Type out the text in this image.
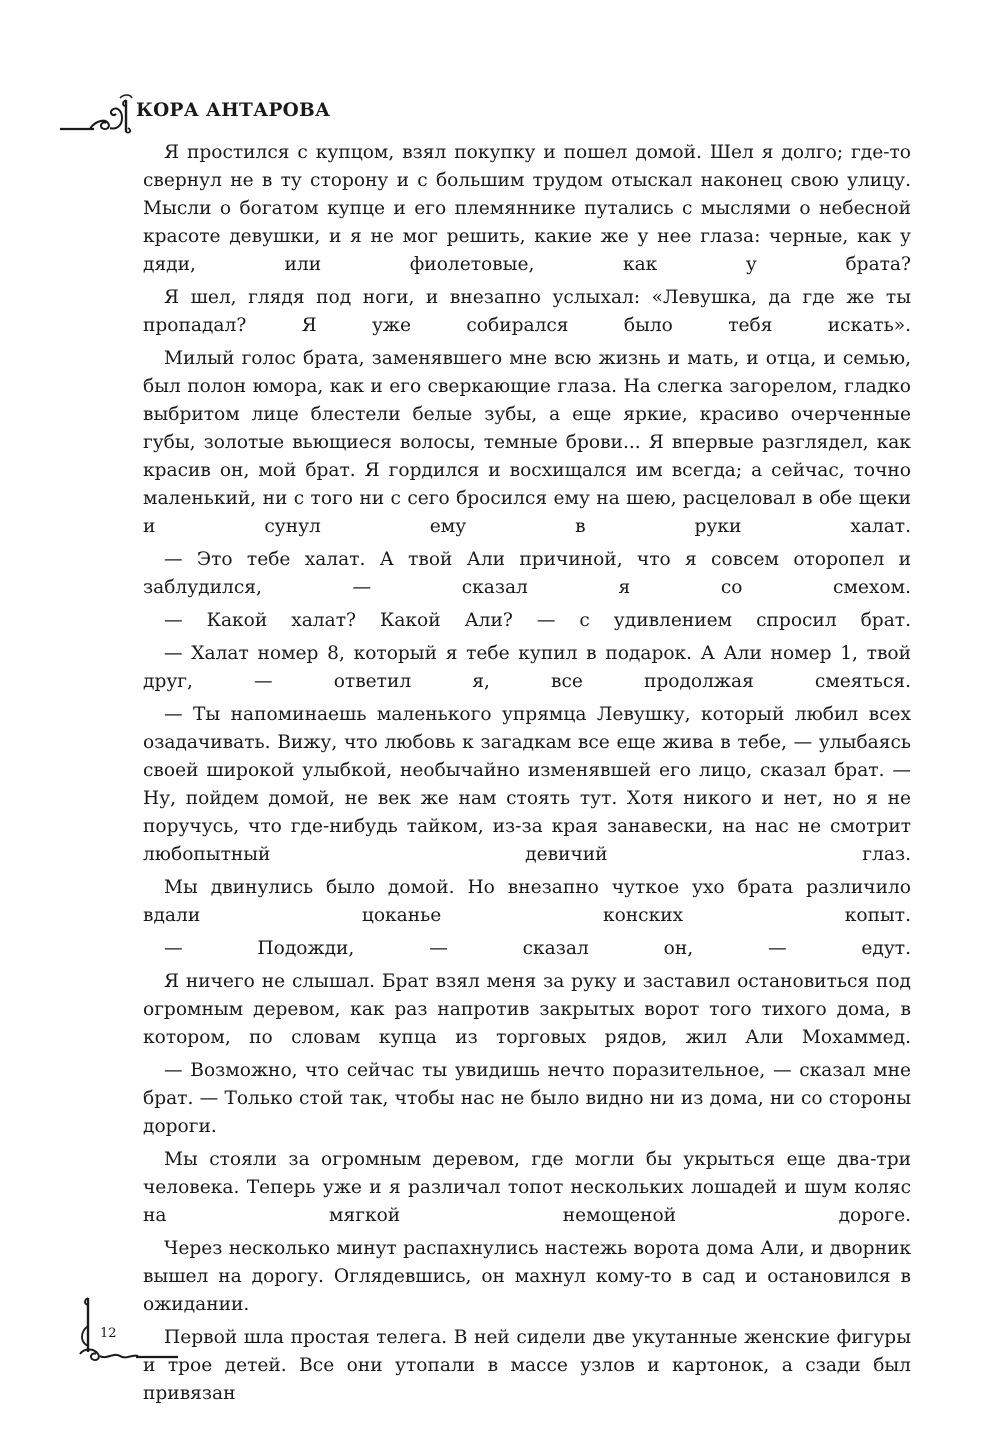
КОРА АНТАРОВА

Я простился с купцом, взял покупку и пошел домой. Шел я долго; где-то свернул не в ту сторону и с большим трудом отыскал наконец свою улицу. Мысли о богатом купце и его племяннике путались с мыслями о небесной красоте девушки, и я не мог решить, какие же у нее глаза: черные, как у дяди, или фиолетовые, как у брата?

Я шел, глядя под ноги, и внезапно услыхал: «Левушка, да где же ты пропадал? Я уже собирался было тебя искать».

Милый голос брата, заменявшего мне всю жизнь и мать, и отца, и семью, был полон юмора, как и его сверкающие глаза. На слегка загорелом, гладко выбритом лице блестели белые зубы, а еще яркие, красиво очерченные губы, золотые вьющиеся волосы, темные брови... Я впервые разглядел, как красив он, мой брат. Я гордился и восхищался им всегда; а сейчас, точно маленький, ни с того ни с сего бросился ему на шею, расцеловал в обе щеки и сунул ему в руки халат.

— Это тебе халат. А твой Али причиной, что я совсем оторопел и заблудился, — сказал я со смехом.

— Какой халат? Какой Али? — с удивлением спросил брат.

— Халат номер 8, который я тебе купил в подарок. А Али номер 1, твой друг, — ответил я, все продолжая смеяться.

— Ты напоминаешь маленького упрямца Левушку, который любил всех озадачивать. Вижу, что любовь к загадкам все еще жива в тебе, — улыбаясь своей широкой улыбкой, необычайно изменявшей его лицо, сказал брат. — Ну, пойдем домой, не век же нам стоять тут. Хотя никого и нет, но я не поручусь, что где-нибудь тайком, из-за края занавески, на нас не смотрит любопытный девичий глаз.

Мы двинулись было домой. Но внезапно чуткое ухо брата различило вдали цоканье конских копыт.

— Подожди, — сказал он, — едут.

Я ничего не слышал. Брат взял меня за руку и заставил остановиться под огромным деревом, как раз напротив закрытых ворот того тихого дома, в котором, по словам купца из торговых рядов, жил Али Мохаммед.

— Возможно, что сейчас ты увидишь нечто поразительное, — сказал мне брат. — Только стой так, чтобы нас не было видно ни из дома, ни со стороны дороги.

Мы стояли за огромным деревом, где могли бы укрыться еще два-три человека. Теперь уже и я различал топот нескольких лошадей и шум коляс на мягкой немощеной дороге.

Через несколько минут распахнулись настежь ворота дома Али, и дворник вышел на дорогу. Оглядевшись, он махнул кому-то в сад и остановился в ожидании.

Первой шла простая телега. В ней сидели две укутанные женские фигуры и трое детей. Все они утопали в массе узлов и картонок, а сзади был привязан

12
